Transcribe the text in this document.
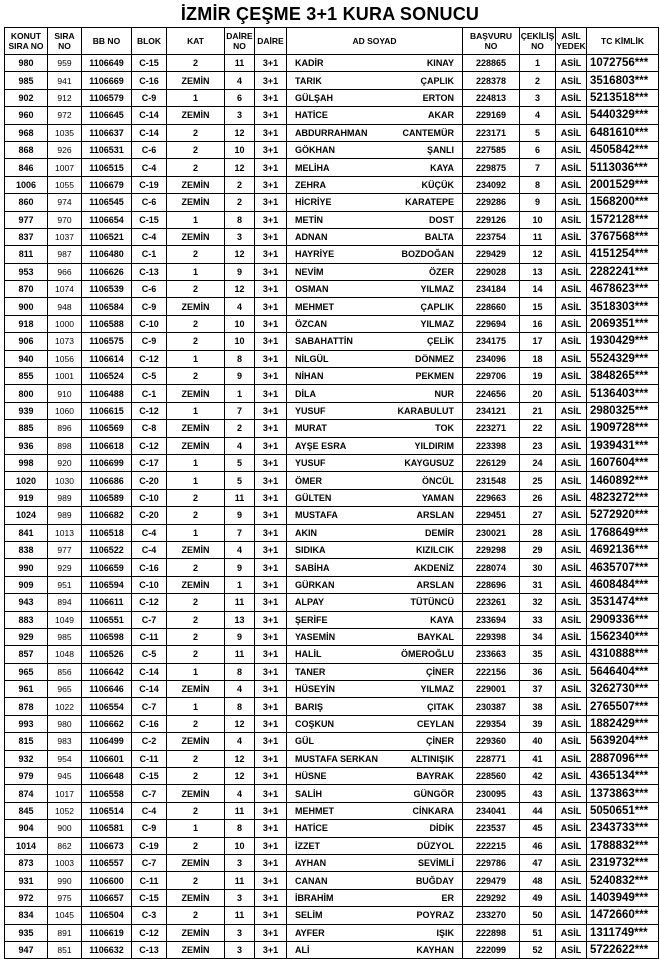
İZMİR ÇEŞME 3+1 KURA SONUCU
KONUT SIRA NO	SIRA NO	BB NO	BLOK	KAT	DAİRE NO	DAİRE	AD SOYAD	BAŞVURU NO	ÇEKİLİŞ NO	ASİL YEDEK	TC KİMLİK
980	959	1106649	C-15	2	11	3+1	KADİR KINAY	228865	1	ASİL	1072756***
985	941	1106669	C-16	ZEMİN	4	3+1	TARIK ÇAPLIK	228378	2	ASİL	3516803***
902	912	1106579	C-9	1	6	3+1	GÜLŞAH ERTON	224813	3	ASİL	5213518***
960	972	1106645	C-14	ZEMİN	3	3+1	HATİCE AKAR	229169	4	ASİL	5440329***
968	1035	1106637	C-14	2	12	3+1	ABDURRAHMAN CANTEMÜR	223171	5	ASİL	6481610***
868	926	1106531	C-6	2	10	3+1	GÖKHAN ŞANLI	227585	6	ASİL	4505842***
846	1007	1106515	C-4	2	12	3+1	MELİHA KAYA	229875	7	ASİL	5113036***
1006	1055	1106679	C-19	ZEMİN	2	3+1	ZEHRA KÜÇÜK	234092	8	ASİL	2001529***
860	974	1106545	C-6	ZEMİN	2	3+1	HİCRİYE KARATEPE	229286	9	ASİL	1568200***
977	970	1106654	C-15	1	8	3+1	METİN DOST	229126	10	ASİL	1572128***
837	1037	1106521	C-4	ZEMİN	3	3+1	ADNAN BALTA	223754	11	ASİL	3767568***
811	987	1106480	C-1	2	12	3+1	HAYRİYE BOZDOĞAN	229429	12	ASİL	4151254***
953	966	1106626	C-13	1	9	3+1	NEVİM ÖZER	229028	13	ASİL	2282241***
870	1074	1106539	C-6	2	12	3+1	OSMAN YILMAZ	234184	14	ASİL	4678623***
900	948	1106584	C-9	ZEMİN	4	3+1	MEHMET ÇAPLIK	228660	15	ASİL	3518303***
918	1000	1106588	C-10	2	10	3+1	ÖZCAN YILMAZ	229694	16	ASİL	2069351***
906	1073	1106575	C-9	2	10	3+1	SABAHATTİN ÇELİK	234175	17	ASİL	1930429***
940	1056	1106614	C-12	1	8	3+1	NİLGÜL DÖNMEZ	234096	18	ASİL	5524329***
855	1001	1106524	C-5	2	9	3+1	NİHAN PEKMEN	229706	19	ASİL	3848265***
800	910	1106488	C-1	ZEMİN	1	3+1	DİLA NUR	224656	20	ASİL	5136403***
939	1060	1106615	C-12	1	7	3+1	YUSUF KARABULUT	234121	21	ASİL	2980325***
885	896	1106569	C-8	ZEMİN	2	3+1	MURAT TOK	223271	22	ASİL	1909728***
936	898	1106618	C-12	ZEMİN	4	3+1	AYŞE ESRA YILDIRIM	223398	23	ASİL	1939431***
998	920	1106699	C-17	1	5	3+1	YUSUF KAYGUSUZ	226129	24	ASİL	1607604***
1020	1030	1106686	C-20	1	5	3+1	ÖMER ÖNCÜL	231548	25	ASİL	1460892***
919	989	1106589	C-10	2	11	3+1	GÜLTEN YAMAN	229663	26	ASİL	4823272***
1024	989	1106682	C-20	2	9	3+1	MUSTAFA ARSLAN	229451	27	ASİL	5272920***
841	1013	1106518	C-4	1	7	3+1	AKIN DEMİR	230021	28	ASİL	1768649***
838	977	1106522	C-4	ZEMİN	4	3+1	SIDIKA KIZILCIK	229298	29	ASİL	4692136***
990	929	1106659	C-16	2	9	3+1	SABİHA AKDENİZ	228074	30	ASİL	4635707***
909	951	1106594	C-10	ZEMİN	1	3+1	GÜRKAN ARSLAN	228696	31	ASİL	4608484***
943	894	1106611	C-12	2	11	3+1	ALPAY TÜTÜNCÜ	223261	32	ASİL	3531474***
883	1049	1106551	C-7	2	13	3+1	ŞERİFE KAYA	233694	33	ASİL	2909336***
929	985	1106598	C-11	2	9	3+1	YASEMİN BAYKAL	229398	34	ASİL	1562340***
857	1048	1106526	C-5	2	11	3+1	HALİL ÖMEROĞLU	233663	35	ASİL	4310888***
965	856	1106642	C-14	1	8	3+1	TANER ÇİNER	222156	36	ASİL	5646404***
961	965	1106646	C-14	ZEMİN	4	3+1	HÜSEYİN YILMAZ	229001	37	ASİL	3262730***
878	1022	1106554	C-7	1	8	3+1	BARIŞ ÇITAK	230387	38	ASİL	2765507***
993	980	1106662	C-16	2	12	3+1	COŞKUN CEYLAN	229354	39	ASİL	1882429***
815	983	1106499	C-2	ZEMİN	4	3+1	GÜL ÇİNER	229360	40	ASİL	5639204***
932	954	1106601	C-11	2	12	3+1	MUSTAFA SERKAN ALTINIŞIK	228771	41	ASİL	2887096***
979	945	1106648	C-15	2	12	3+1	HÜSNE BAYRAK	228560	42	ASİL	4365134***
874	1017	1106558	C-7	ZEMİN	4	3+1	SALİH GÜNGÖR	230095	43	ASİL	1373863***
845	1052	1106514	C-4	2	11	3+1	MEHMET CİNKARA	234041	44	ASİL	5050651***
904	900	1106581	C-9	1	8	3+1	HATİCE DİDİK	223537	45	ASİL	2343733***
1014	862	1106673	C-19	2	10	3+1	İZZET DÜZYOL	222215	46	ASİL	1788832***
873	1003	1106557	C-7	ZEMİN	3	3+1	AYHAN SEVİMLİ	229786	47	ASİL	2319732***
931	990	1106600	C-11	2	11	3+1	CANAN BUĞDAY	229479	48	ASİL	5240832***
972	975	1106657	C-15	ZEMİN	3	3+1	İBRAHİM ER	229292	49	ASİL	1403949***
834	1045	1106504	C-3	2	11	3+1	SELİM POYRAZ	233270	50	ASİL	1472660***
935	891	1106619	C-12	ZEMİN	3	3+1	AYFER IŞIK	222898	51	ASİL	1311749***
947	851	1106632	C-13	ZEMİN	3	3+1	ALİ KAYHAN	222099	52	ASİL	5722622***
